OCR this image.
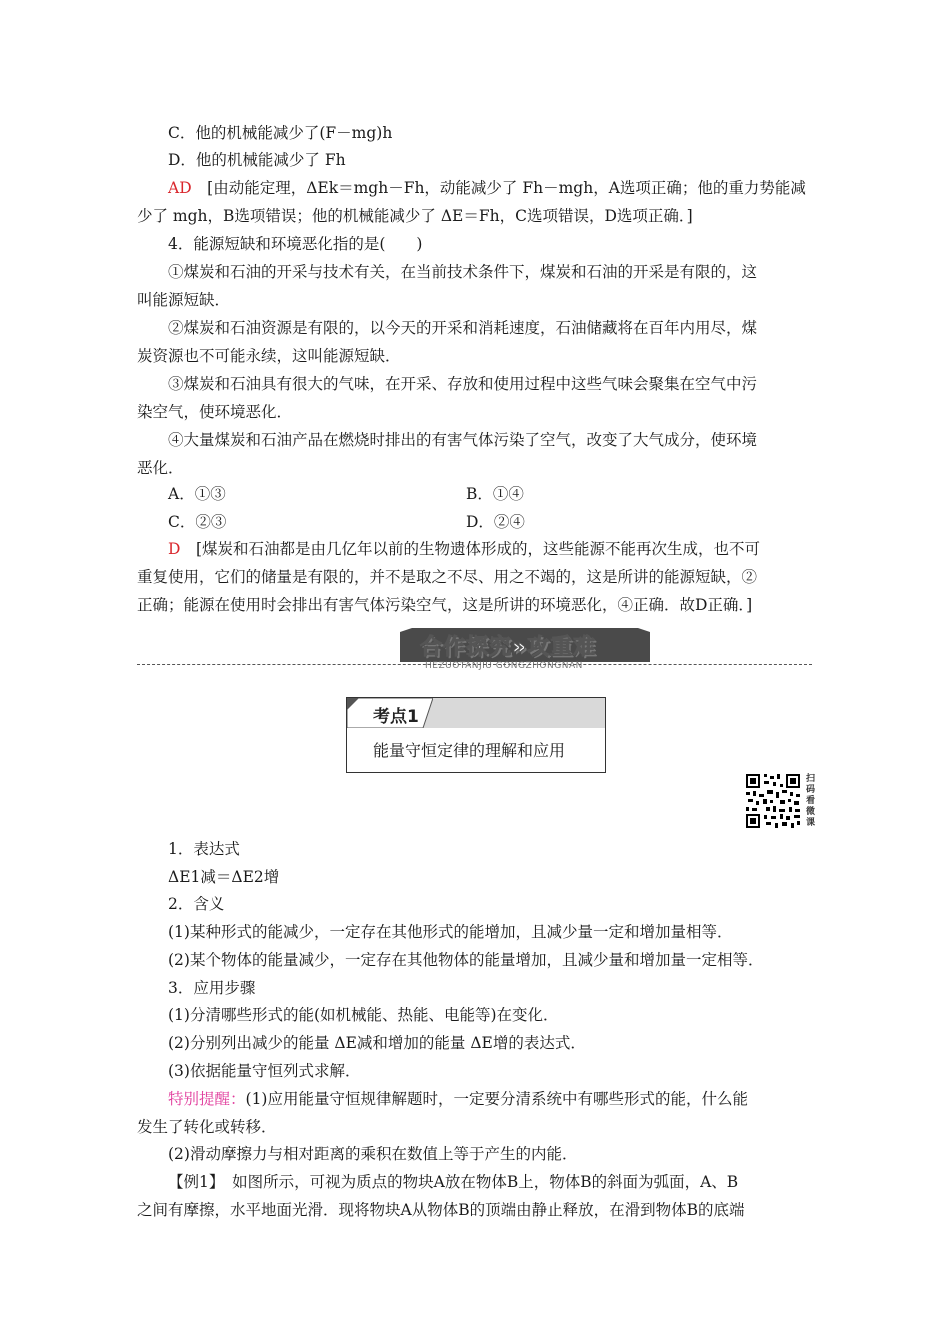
C．他的机械能减少了(F－mg)h
D．他的机械能减少了 Fh
AD　 [由动能定理，ΔEk＝mgh－Fh，动能减少了 Fh－mgh，A选项正确；他的重力势能减
少了 mgh，B选项错误；他的机械能减少了 ΔE＝Fh，C选项错误，D选项正确．]
4．能源短缺和环境恶化指的是(　　)
①煤炭和石油的开采与技术有关，在当前技术条件下，煤炭和石油的开采是有限的，这
叫能源短缺．
②煤炭和石油资源是有限的，以今天的开采和消耗速度，石油储藏将在百年内用尽，煤
炭资源也不可能永续，这叫能源短缺．
③煤炭和石油具有很大的气味，在开采、存放和使用过程中这些气味会聚集在空气中污
染空气，使环境恶化．
④大量煤炭和石油产品在燃烧时排出的有害气体污染了空气，改变了大气成分，使环境
恶化．
A．①③	B．①④
C．②③	D．②④
D　 [煤炭和石油都是由几亿年以前的生物遗体形成的，这些能源不能再次生成，也不可
重复使用，它们的储量是有限的，并不是取之不尽、用之不竭的，这是所讲的能源短缺，②
正确；能源在使用时会排出有害气体污染空气，这是所讲的环境恶化，④正确．故D正确．]
合作探究»攻重难
HEZUOTANJIU GONGZHONGNAN
考点1
能量守恒定律的理解和应用
扫码看微课
1．表达式
ΔE1减＝ΔE2增
2．含义
(1)某种形式的能减少，一定存在其他形式的能增加，且减少量一定和增加量相等．
(2)某个物体的能量减少，一定存在其他物体的能量增加，且减少量和增加量一定相等．
3．应用步骤
(1)分清哪些形式的能(如机械能、热能、电能等)在变化．
(2)分别列出减少的能量 ΔE减和增加的能量 ΔE增的表达式．
(3)依据能量守恒列式求解．
特别提醒：(1)应用能量守恒规律解题时，一定要分清系统中有哪些形式的能，什么能
发生了转化或转移．
(2)滑动摩擦力与相对距离的乘积在数值上等于产生的内能．
【例1】　 如图所示，可视为质点的物块A放在物体B上，物体B的斜面为弧面，A、B
之间有摩擦，水平地面光滑．现将物块A从物体B的顶端由静止释放，在滑到物体B的底端
